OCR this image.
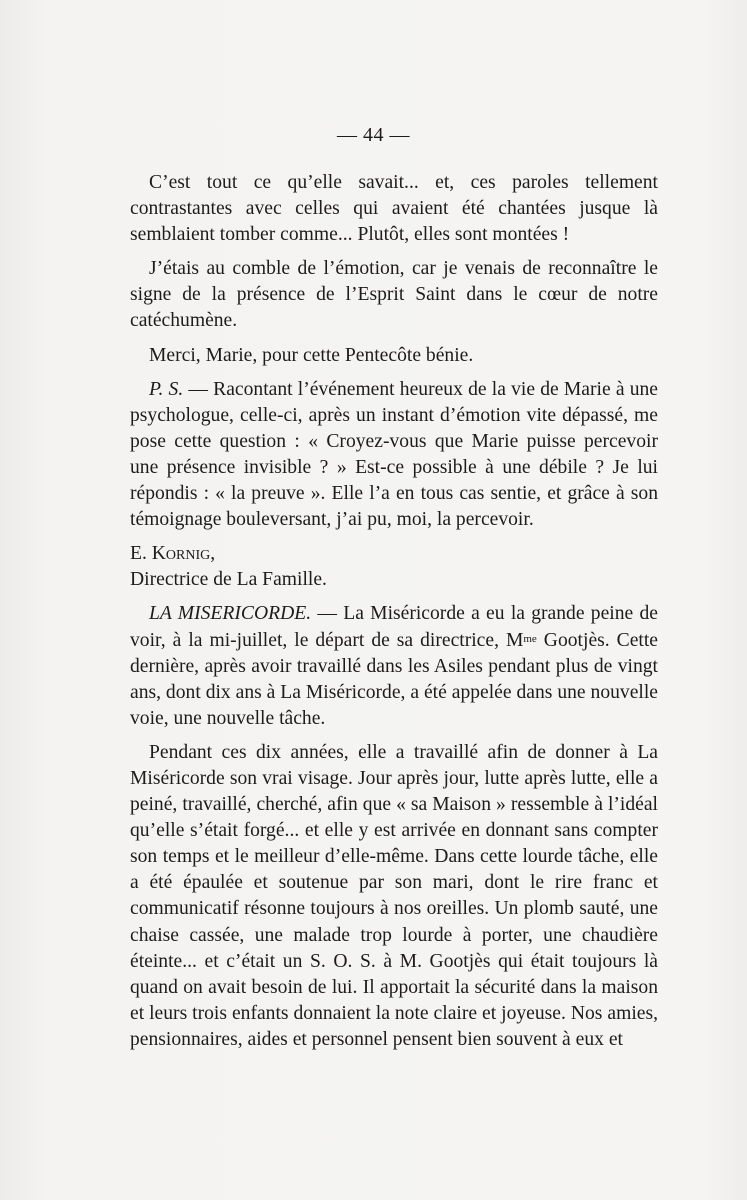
— 44 —

C’est tout ce qu’elle savait... et, ces paroles tellement contrastantes avec celles qui avaient été chantées jusque là semblaient tomber comme... Plutôt, elles sont montées !

J’étais au comble de l’émotion, car je venais de reconnaître le signe de la présence de l’Esprit Saint dans le cœur de notre catéchumène.

Merci, Marie, pour cette Pentecôte bénie.

P. S. — Racontant l’événement heureux de la vie de Marie à une psychologue, celle-ci, après un instant d’émotion vite dépassé, me pose cette question : « Croyez-vous que Marie puisse percevoir une présence invisible ? » Est-ce possible à une débile ? Je lui répondis : « la preuve ». Elle l’a en tous cas sentie, et grâce à son témoignage bouleversant, j’ai pu, moi, la percevoir.

E. Kornig,

Directrice de La Famille.

LA MISERICORDE. — La Miséricorde a eu la grande peine de voir, à la mi-juillet, le départ de sa directrice, $M^{me}$ Gootjès. Cette dernière, après avoir travaillé dans les Asiles pendant plus de vingt ans, dont dix ans à La Miséricorde, a été appelée dans une nouvelle voie, une nouvelle tâche.

Pendant ces dix années, elle a travaillé afin de donner à La Miséricorde son vrai visage. Jour après jour, lutte après lutte, elle a peiné, travaillé, cherché, afin que « sa Maison » ressemble à l’idéal qu’elle s’était forgé... et elle y est arrivée en donnant sans compter son temps et le meilleur d’elle-même. Dans cette lourde tâche, elle a été épaulée et soutenue par son mari, dont le rire franc et communicatif résonne toujours à nos oreilles. Un plomb sauté, une chaise cassée, une malade trop lourde à porter, une chaudière éteinte... et c’était un S. O. S. à M. Gootjès qui était toujours là quand on avait besoin de lui. Il apportait la sécurité dans la maison et leurs trois enfants donnaient la note claire et joyeuse. Nos amies, pensionnaires, aides et personnel pensent bien souvent à eux et
